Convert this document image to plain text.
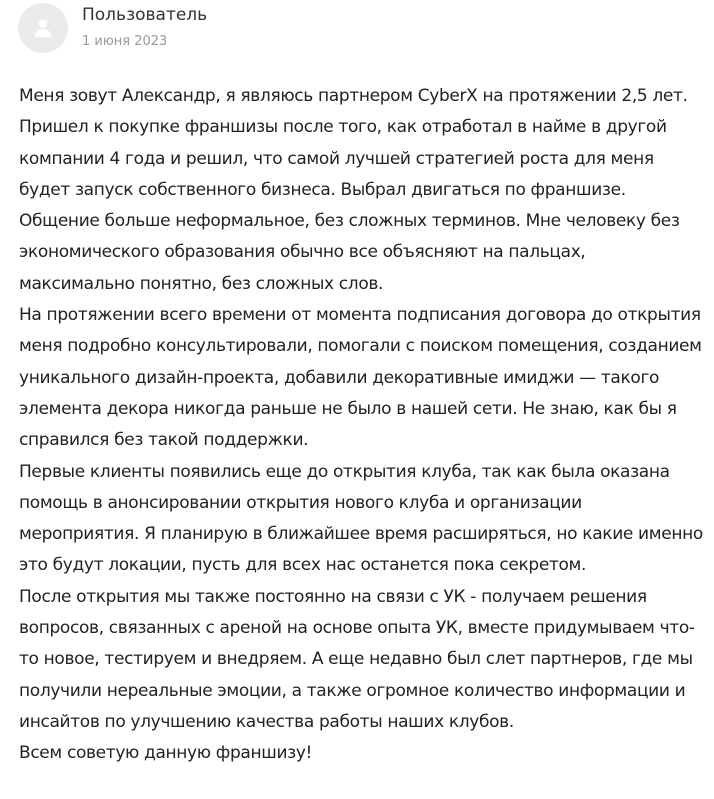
Пользователь
1 июня 2023

Меня зовут Александр, я являюсь партнером CyberX на протяжении 2,5 лет.

Пришел к покупке франшизы после того, как отработал в найме в другой компании 4 года и решил, что самой лучшей стратегией роста для меня будет запуск собственного бизнеса. Выбрал двигаться по франшизе.

Общение больше неформальное, без сложных терминов. Мне человеку без экономического образования обычно все объясняют на пальцах, максимально понятно, без сложных слов.

На протяжении всего времени от момента подписания договора до открытия меня подробно консультировали, помогали с поиском помещения, созданием уникального дизайн-проекта, добавили декоративные имиджи — такого элемента декора никогда раньше не было в нашей сети. Не знаю, как бы я справился без такой поддержки.

Первые клиенты появились еще до открытия клуба, так как была оказана помощь в анонсировании открытия нового клуба и организации мероприятия. Я планирую в ближайшее время расширяться, но какие именно это будут локации, пусть для всех нас останется пока секретом.

После открытия мы также постоянно на связи с УК - получаем решения вопросов, связанных с ареной на основе опыта УК, вместе придумываем что-то новое, тестируем и внедряем. А еще недавно был слет партнеров, где мы получили нереальные эмоции, а также огромное количество информации и инсайтов по улучшению качества работы наших клубов.

Всем советую данную франшизу!
